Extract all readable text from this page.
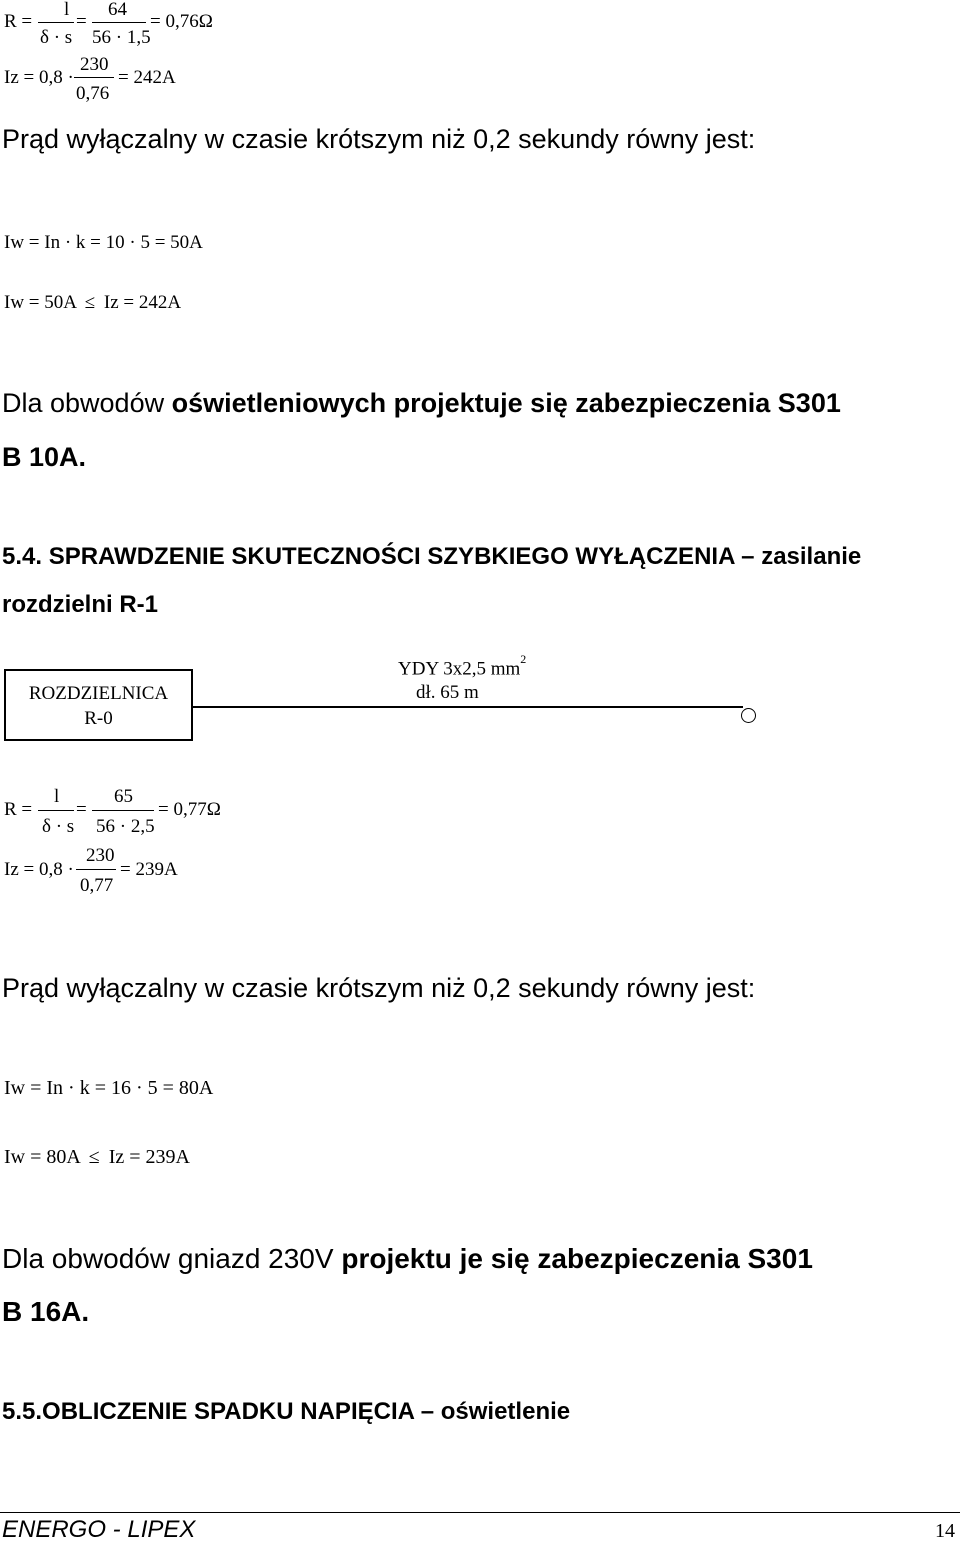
R =
l
δ · s
=
64
56 · 1,5
= 0,76Ω
Iz = 0,8 ·
230
0,76
= 242A
Prąd wyłączalny w czasie krótszym niż 0,2 sekundy równy jest:
Iw = In · k = 10 · 5 = 50A
Iw = 50A ≤ Iz = 242A
Dla obwodów oświetleniowych projektuje się zabezpieczenia S301
B 10A.
5.4. SPRAWDZENIE SKUTECZNOŚCI SZYBKIEGO WYŁĄCZENIA – zasilanie
rozdzielni R-1
ROZDZIELNICA
R-0
YDY 3x2,5 $mm^2$
dł. 65 m
R =
l
δ · s
=
65
56 · 2,5
= 0,77Ω
Iz = 0,8 ·
230
0,77
= 239A
Prąd wyłączalny w czasie krótszym niż 0,2 sekundy równy jest:
Iw = In · k = 16 · 5 = 80A
Iw = 80A ≤ Iz = 239A
Dla obwodów gniazd 230V projektu je się zabezpieczenia S301
B 16A.
5.5.OBLICZENIE SPADKU NAPIĘCIA – oświetlenie
ENERGO - LIPEX	14
